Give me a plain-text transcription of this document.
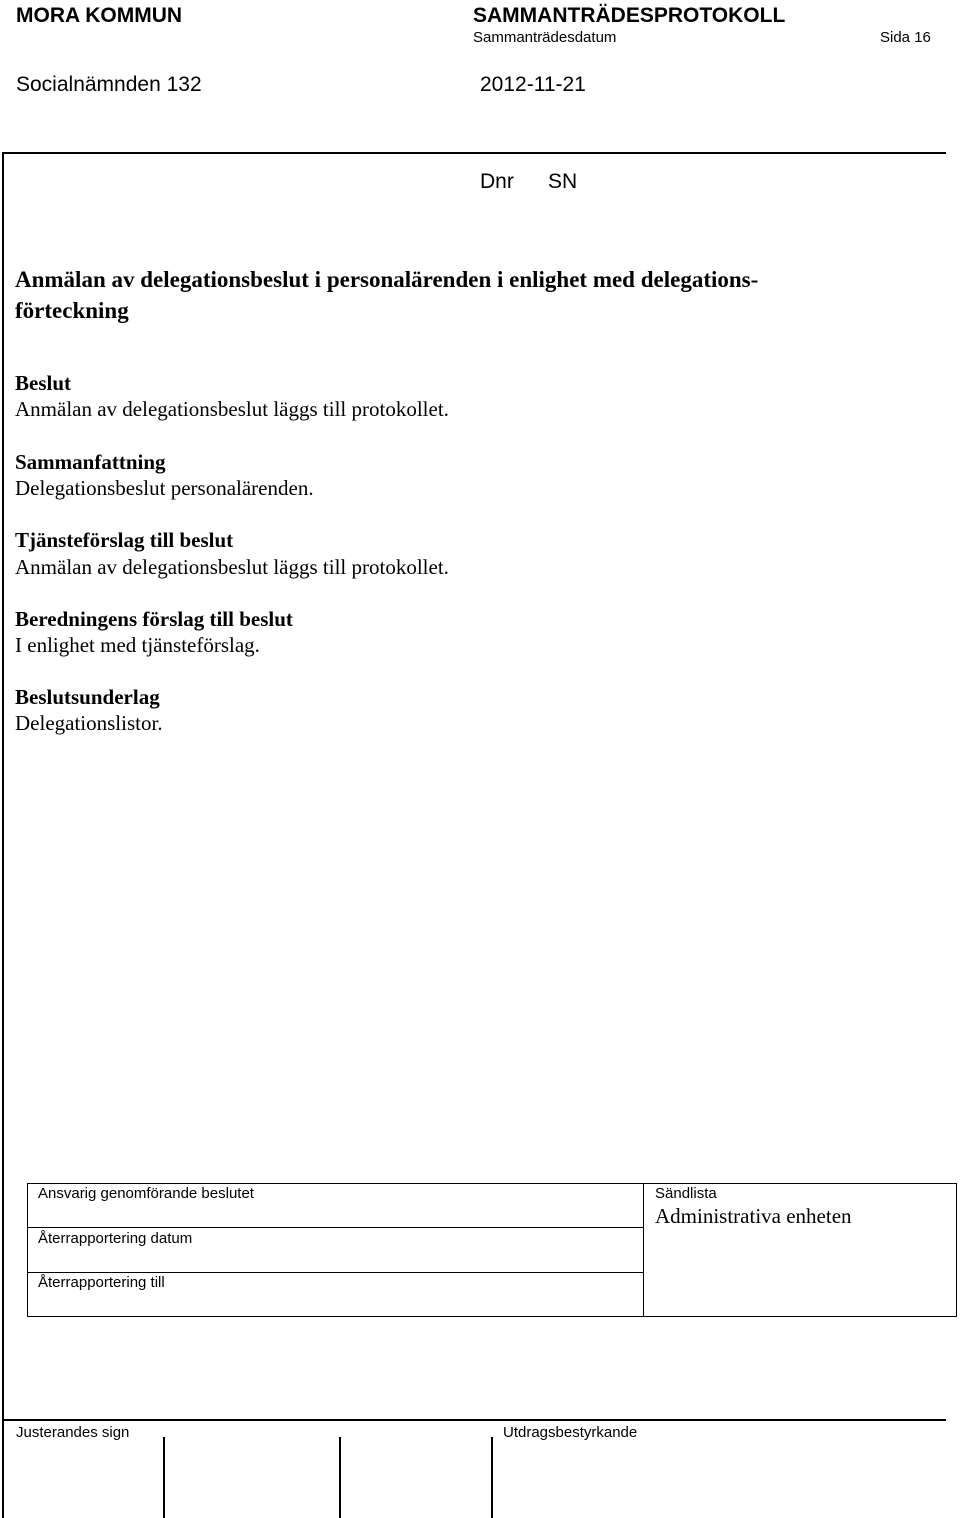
MORA KOMMUN	SAMMANTRÄDESPROTOKOLL
Sammanträdesdatum	Sida 16
Socialnämnden 132	2012-11-21
Dnr SN
Anmälan av delegationsbeslut i personalärenden i enlighet med delegations-
förteckning
Beslut
Anmälan av delegationsbeslut läggs till protokollet.
Sammanfattning
Delegationsbeslut personalärenden.
Tjänsteförslag till beslut
Anmälan av delegationsbeslut läggs till protokollet.
Beredningens förslag till beslut
I enlighet med tjänsteförslag.
Beslutsunderlag
Delegationslistor.
Ansvarig genomförande beslutet
Återrapportering datum
Återrapportering till
Sändlista
Administrativa enheten
Justerandes sign	Utdragsbestyrkande
